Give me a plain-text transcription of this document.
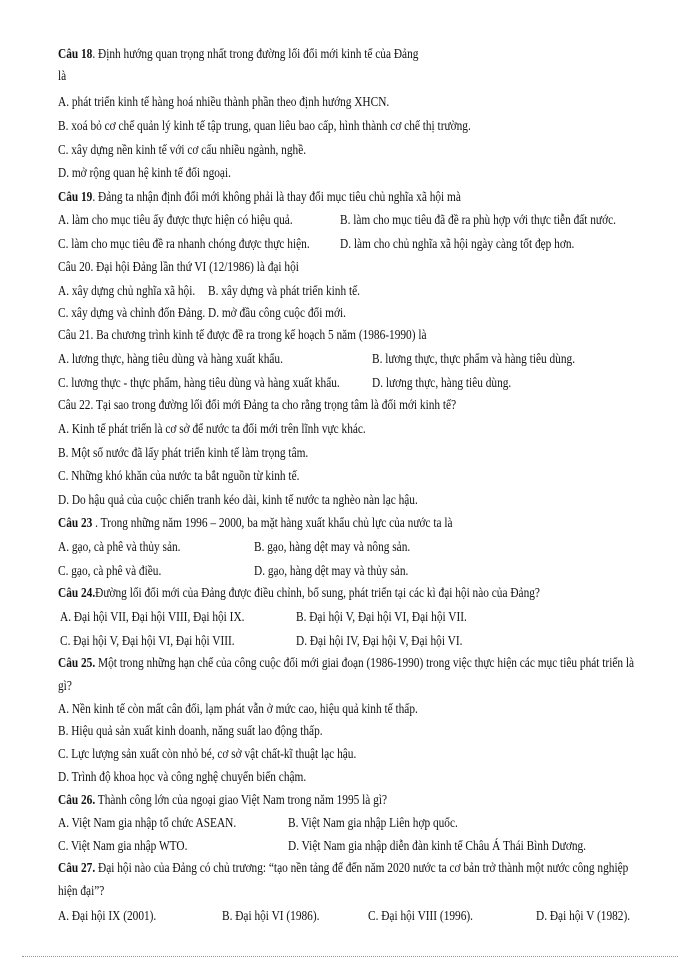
Câu 18. Định hướng quan trọng nhất trong đường lối đổi mới kinh tế của Đảng
là
A. phát triển kinh tế hàng hoá nhiều thành phần theo định hướng XHCN.
B. xoá bỏ cơ chế quản lý kinh tế tập trung, quan liêu bao cấp, hình thành cơ chế thị trường.
C. xây dựng nền kinh tế với cơ cấu nhiều ngành, nghề.
D. mở rộng quan hệ kinh tế đối ngoại.
Câu 19. Đảng ta nhận định đổi mới không phải là thay đổi mục tiêu chủ nghĩa xã hội mà
A. làm cho mục tiêu ấy được thực hiện có hiệu quả.	B. làm cho mục tiêu đã đề ra phù hợp với thực tiễn đất nước.
C. làm cho mục tiêu đề ra nhanh chóng được thực hiện. D. làm cho chủ nghĩa xã hội ngày càng tốt đẹp hơn.
Câu 20. Đại hội Đảng lần thứ VI (12/1986) là đại hội
A. xây dựng chủ nghĩa xã hội. B. xây dựng và phát triển kinh tế.
C. xây dựng và chỉnh đốn Đảng. D. mở đầu công cuộc đổi mới.
Câu 21. Ba chương trình kinh tế được đề ra trong kế hoạch 5 năm (1986-1990) là
A. lương thực, hàng tiêu dùng và hàng xuất khẩu.	B. lương thực, thực phẩm và hàng tiêu dùng.
C. lương thực - thực phẩm, hàng tiêu dùng và hàng xuất khẩu. D. lương thực, hàng tiêu dùng.
Câu 22. Tại sao trong đường lối đổi mới Đảng ta cho rằng trọng tâm là đổi mới kinh tế?
A. Kinh tế phát triển là cơ sở để nước ta đổi mới trên lĩnh vực khác.
B. Một số nước đã lấy phát triển kinh tế làm trọng tâm.
C. Những khó khăn của nước ta bắt nguồn từ kinh tế.
D. Do hậu quả của cuộc chiến tranh kéo dài, kinh tế nước ta nghèo nàn lạc hậu.
Câu 23 . Trong những năm 1996 – 2000, ba mặt hàng xuất khẩu chủ lực của nước ta là
A. gạo, cà phê và thủy sản.	B. gạo, hàng dệt may và nông sản.
C. gạo, cà phê và điều.	D. gạo, hàng dệt may và thủy sản.
Câu 24.Đường lối đổi mới của Đảng được điều chỉnh, bổ sung, phát triển tại các kì đại hội nào của Đảng?
A. Đại hội VII, Đại hội VIII, Đại hội IX.	B. Đại hội V, Đại hội VI, Đại hội VII.
C. Đại hội V, Đại hội VI, Đại hội VIII.	D. Đại hội IV, Đại hội V, Đại hội VI.
Câu 25. Một trong những hạn chế của công cuộc đổi mới giai đoạn (1986-1990) trong việc thực hiện các mục tiêu phát triển là
gì?
A. Nền kinh tế còn mất cân đối, lạm phát vẫn ở mức cao, hiệu quả kinh tế thấp.
B. Hiệu quả sản xuất kinh doanh, năng suất lao động thấp.
C. Lực lượng sản xuất còn nhỏ bé, cơ sở vật chất-kĩ thuật lạc hậu.
D. Trình độ khoa học và công nghệ chuyển biến chậm.
Câu 26. Thành công lớn của ngoại giao Việt Nam trong năm 1995 là gì?
A. Việt Nam gia nhập tổ chức ASEAN.	B. Việt Nam gia nhập Liên hợp quốc.
C. Việt Nam gia nhập WTO.	D. Việt Nam gia nhập diễn đàn kinh tế Châu Á Thái Bình Dương.
Câu 27. Đại hội nào của Đảng có chủ trương: “tạo nền tảng để đến năm 2020 nước ta cơ bản trở thành một nước công nghiệp
hiện đại”?
A. Đại hội IX (2001).	B. Đại hội VI (1986).	C. Đại hội VIII (1996).	D. Đại hội V (1982).
